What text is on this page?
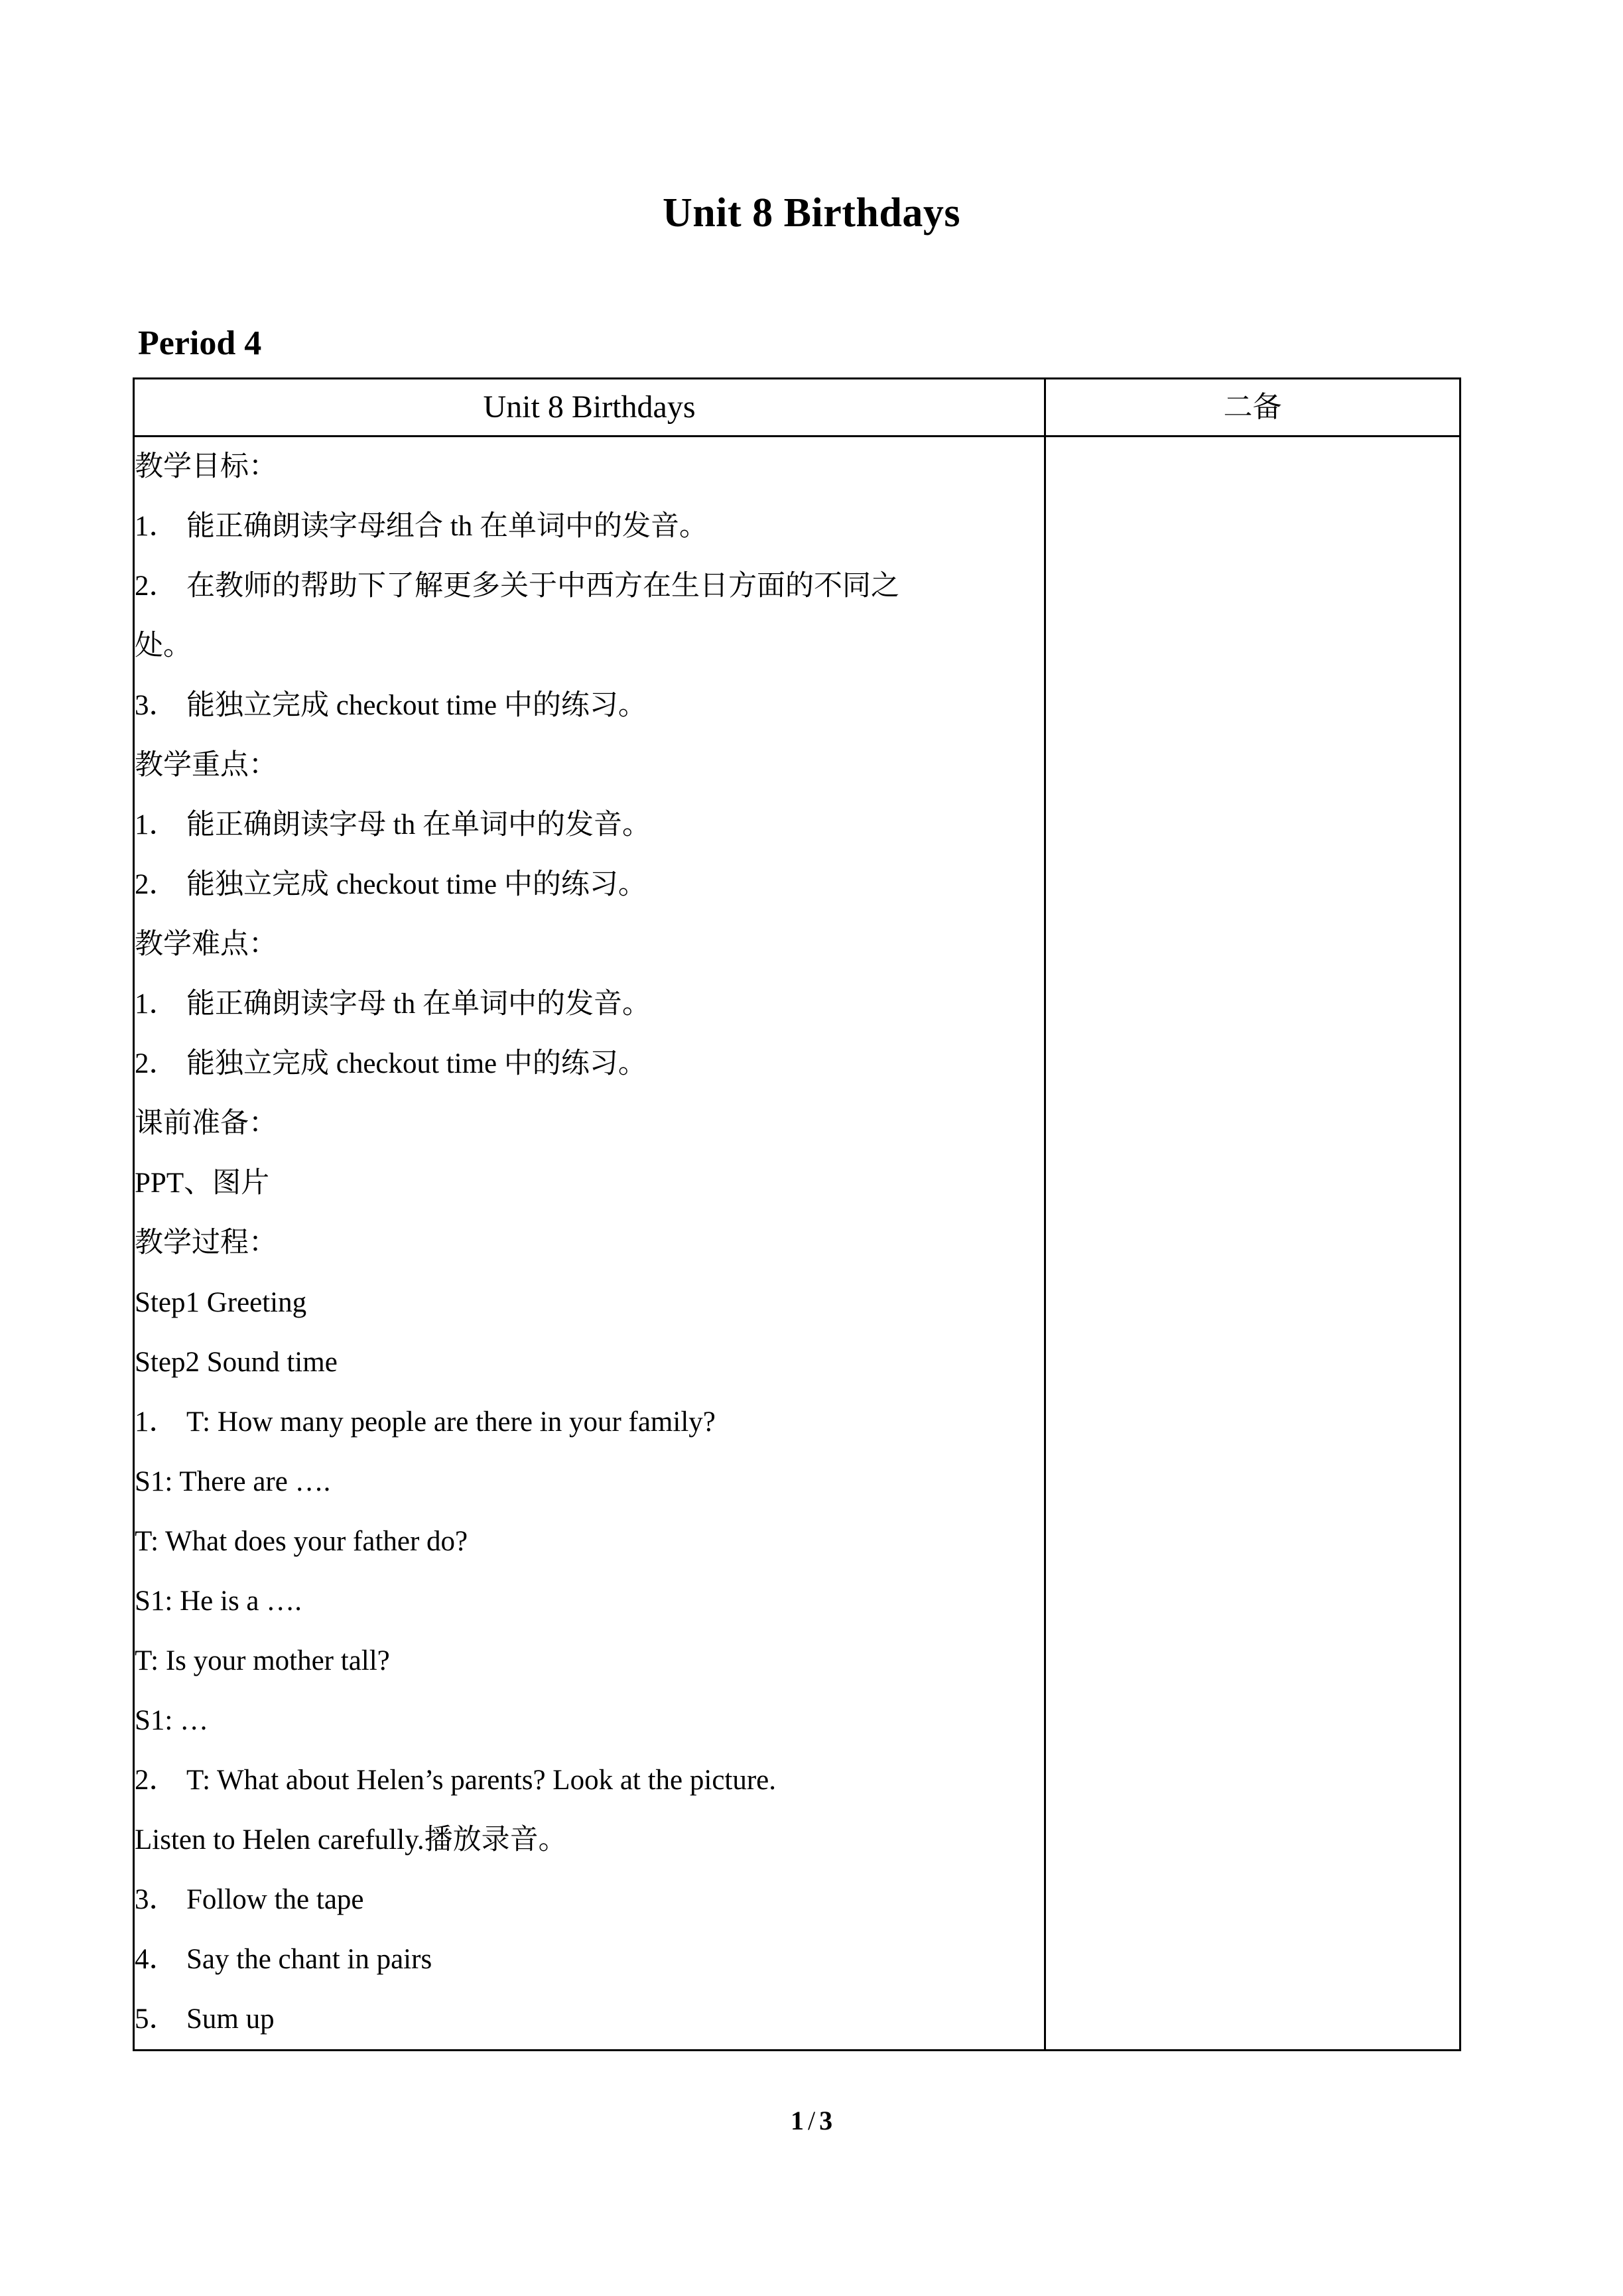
Unit 8 Birthdays
Period 4
Unit 8 Birthdays	二备

教学目标：
1． 能正确朗读字母组合 th 在单词中的发音。
2． 在教师的帮助下了解更多关于中西方在生日方面的不同之
处。
3． 能独立完成 checkout time 中的练习。
教学重点：
1． 能正确朗读字母 th 在单词中的发音。
2． 能独立完成 checkout time 中的练习。
教学难点：
1． 能正确朗读字母 th 在单词中的发音。
2． 能独立完成 checkout time 中的练习。
课前准备：
PPT、图片
教学过程：
Step1 Greeting
Step2 Sound time
1． T: How many people are there in your family?
S1: There are ….
T: What does your father do?
S1: He is a ….
T: Is your mother tall?
S1: …
2． T: What about Helen’s parents? Look at the picture.
Listen to Helen carefully.播放录音。
3． Follow the tape
4． Say the chant in pairs
5． Sum up

1 / 3
